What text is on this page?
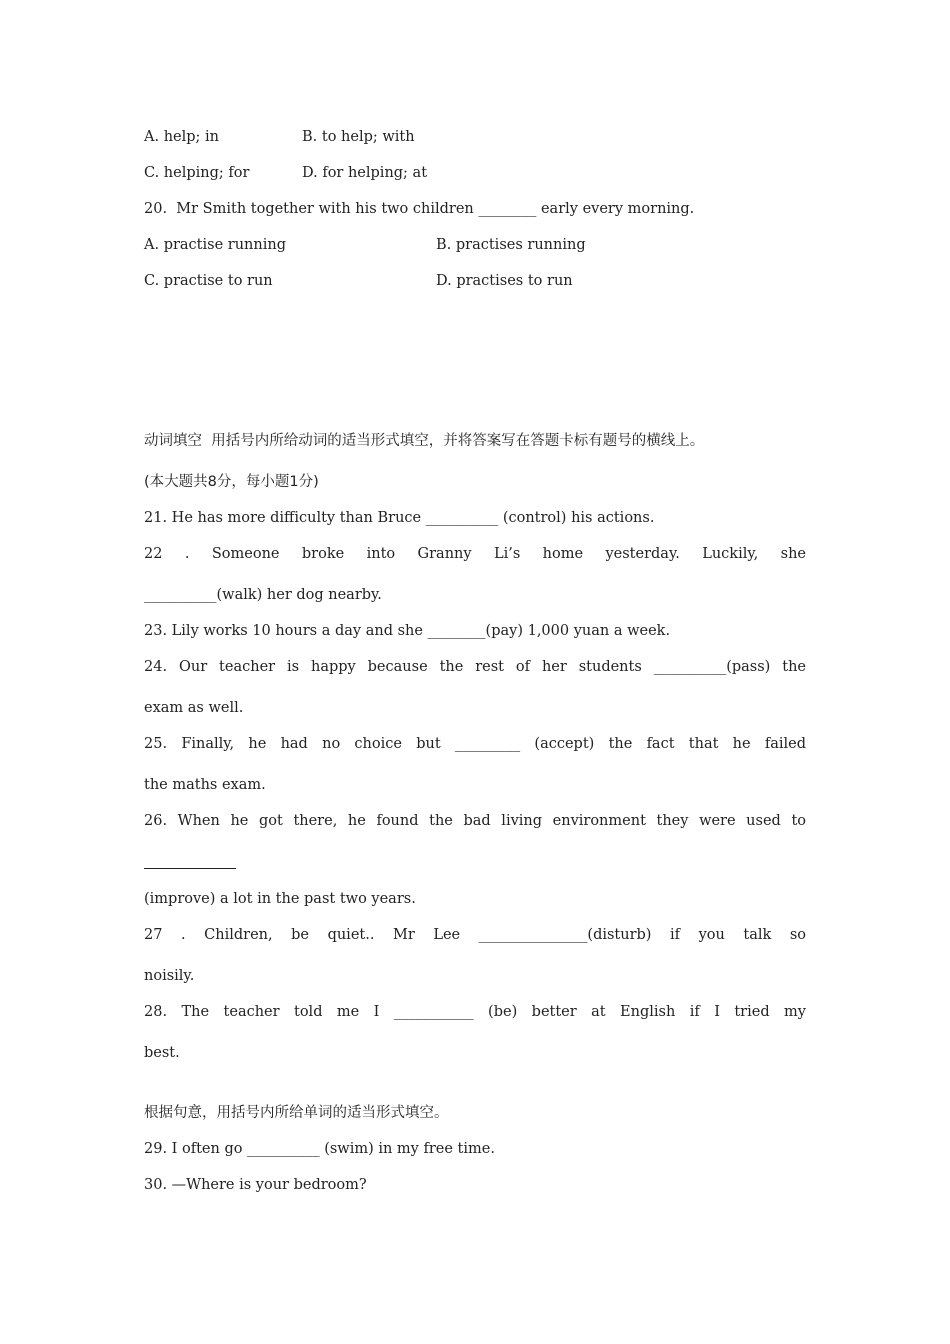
A. help; in	B. to help; with
C. helping; for	D. for helping; at
20.  Mr Smith together with his two children ________ early every morning.
A. practise running	B. practises running
C. practise to run	D. practises to run
动词填空  用括号内所给动词的适当形式填空，并将答案写在答题卡标有题号的横线上。
(本大题共8分，每小题1分)
21. He has more difficulty than Bruce __________ (control) his actions.
22 . Someone broke into Granny Li’s home yesterday. Luckily, she
__________(walk) her dog nearby.
23. Lily works 10 hours a day and she ________(pay) 1,000 yuan a week.
24. Our teacher is happy because the rest of her students __________(pass) the
exam as well.
25. Finally, he had no choice but _________ (accept) the fact that he failed
the maths exam.
26. When he got there, he found the bad living environment they were used to
(improve) a lot in the past two years.
27 . Children, be quiet.. Mr Lee _______________(disturb) if you talk so
noisily.
28. The teacher told me I ___________ (be) better at English if I tried my
best.
根据句意，用括号内所给单词的适当形式填空。
29. I often go __________ (swim) in my free time.
30. —Where is your bedroom?
